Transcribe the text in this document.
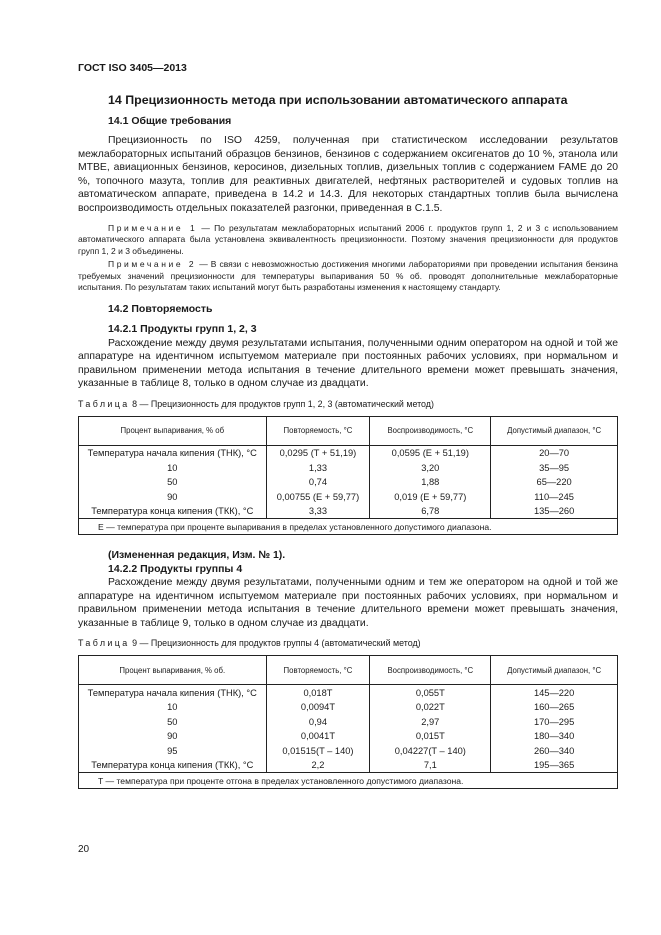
ГОСТ ISO 3405—2013
14 Прецизионность метода при использовании автоматического аппарата
14.1 Общие требования

Прецизионность по ISO 4259, полученная при статистическом исследовании результатов межлабораторных испытаний образцов бензинов, бензинов с содержанием оксигенатов до 10 %, этанола или МТВЕ, авиационных бензинов, керосинов, дизельных топлив, дизельных топлив с содержанием FAME до 20 %, топочного мазута, топлив для реактивных двигателей, нефтяных растворителей и судовых топлив на автоматическом аппарате, приведена в 14.2 и 14.3. Для некоторых стандартных топлив была вычислена воспроизводимость отдельных показателей разгонки, приведенная в С.1.5.

Примечание 1 — По результатам межлабораторных испытаний 2006 г. продуктов групп 1, 2 и 3 с использованием автоматического аппарата была установлена эквивалентность прецизионности. Поэтому значения прецизионности для продуктов групп 1, 2 и 3 объединены.

Примечание 2 — В связи с невозможностью достижения многими лабораториями при проведении испытания бензина требуемых значений прецизионности для температуры выпаривания 50 % об. проводят дополнительные межлабораторные испытания. По результатам таких испытаний могут быть разработаны изменения к настоящему стандарту.

14.2 Повторяемость
14.2.1 Продукты групп 1, 2, 3

Расхождение между двумя результатами испытания, полученными одним оператором на одной и той же аппаратуре на идентичном испытуемом материале при постоянных рабочих условиях, при нормальном и правильном применении метода испытания в течение длительного времени может превышать значения, указанные в таблице 8, только в одном случае из двадцати.

Таблица 8 — Прецизионность для продуктов групп 1, 2, 3 (автоматический метод)
Процент выпаривания, % об	Повторяемость, °С	Воспроизводимость, °С	Допустимый диапазон, °С
Температура начала кипения (ТНК), °С	0,0295 (T + 51,19)	0,0595 (E + 51,19)	20—70
10	1,33	3,20	35—95
50	0,74	1,88	65—220
90	0,00755 (E + 59,77)	0,019 (E + 59,77)	110—245
Температура конца кипения (ТКК), °С	3,33	6,78	135—260
E — температура при проценте выпаривания в пределах установленного допустимого диапазона.			

(Измененная редакция, Изм. № 1).

14.2.2 Продукты группы 4

Расхождение между двумя результатами, полученными одним и тем же оператором на одной и той же аппаратуре на идентичном испытуемом материале при постоянных рабочих условиях, при нормальном и правильном применении метода испытания в течение длительного времени может превышать значения, указанные в таблице 9, только в одном случае из двадцати.

Таблица 9 — Прецизионность для продуктов группы 4 (автоматический метод)
Процент выпаривания, % об.	Повторяемость, °С	Воспроизводимость, °С	Допустимый диапазон, °С
Температура начала кипения (ТНК), °С	0,018T	0,055T	145—220
10	0,0094T	0,022T	160—265
50	0,94	2,97	170—295
90	0,0041T	0,015T	180—340
95	0,01515(T – 140)	0,04227(T – 140)	260—340
Температура конца кипения (ТКК), °С	2,2	7,1	195—365
T — температура при проценте отгона в пределах установленного допустимого диапазона.			
20
